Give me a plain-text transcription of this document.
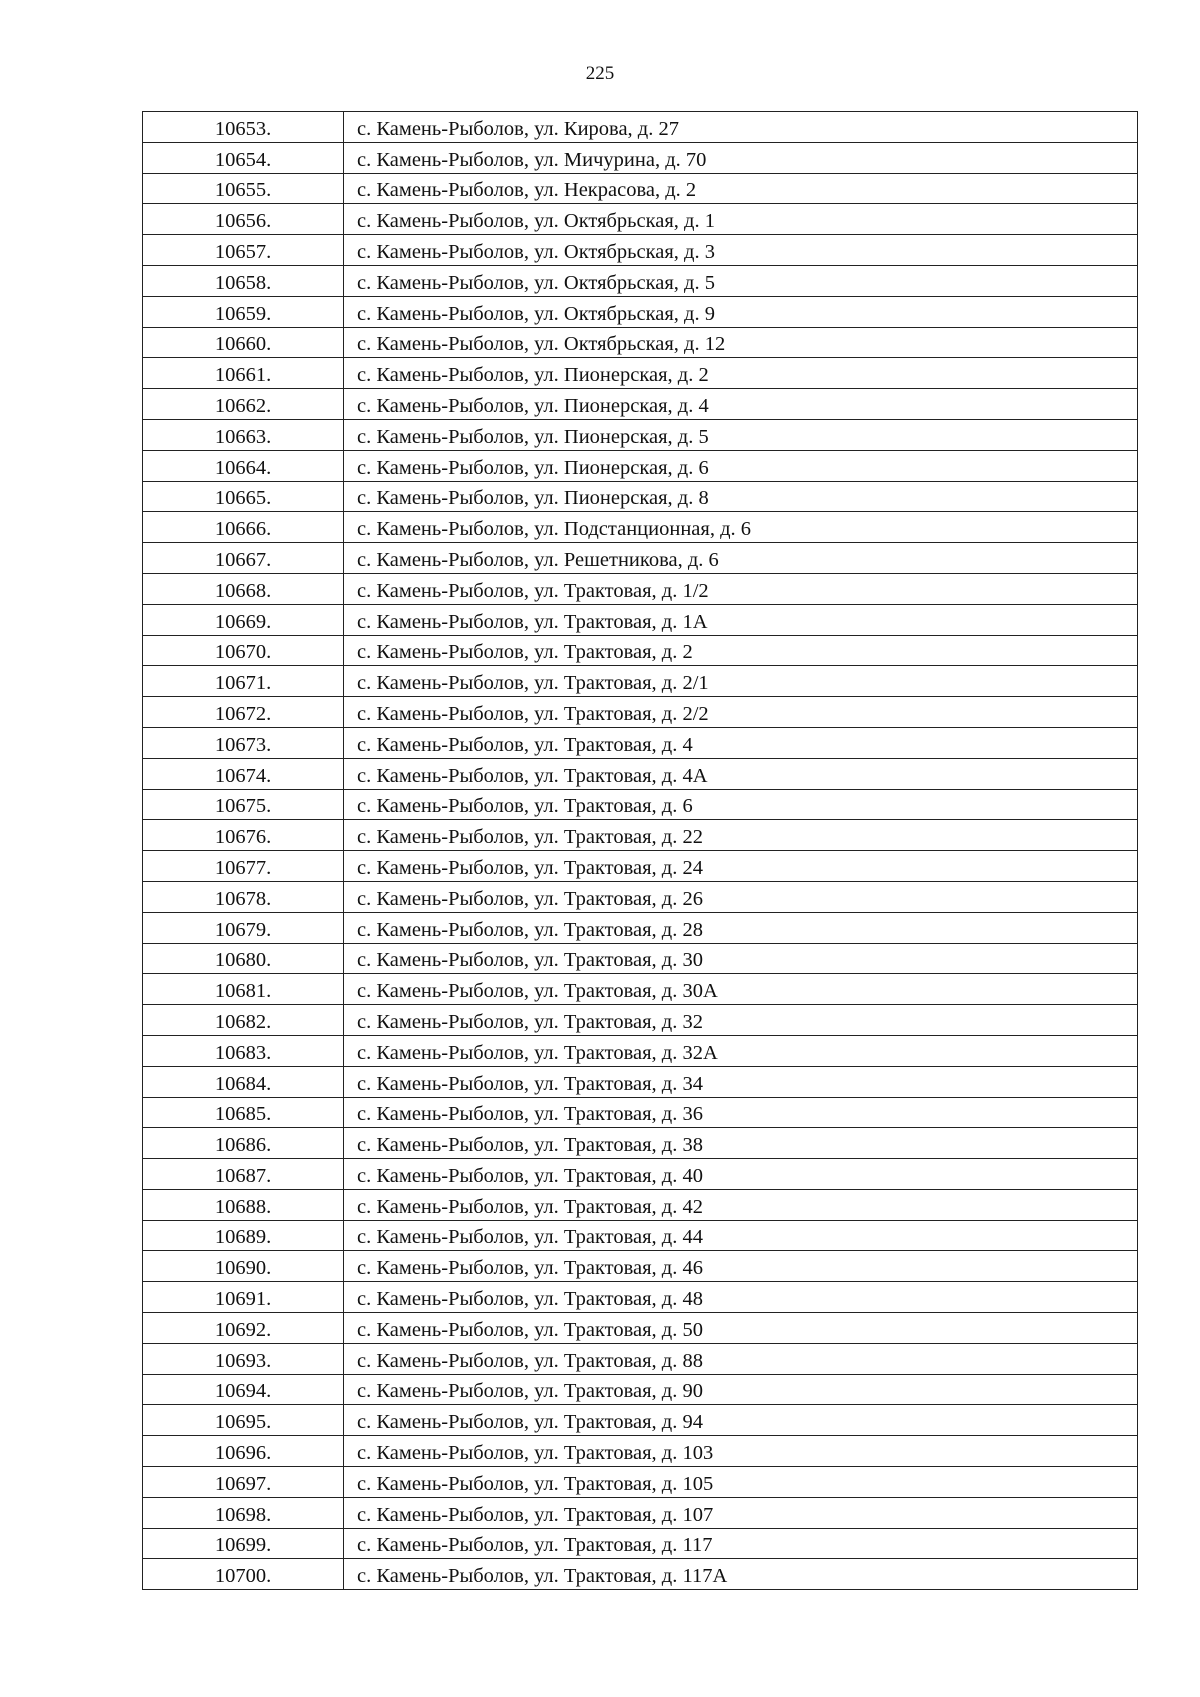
225
10653.	с. Камень-Рыболов, ул. Кирова, д. 27
10654.	с. Камень-Рыболов, ул. Мичурина, д. 70
10655.	с. Камень-Рыболов, ул. Некрасова, д. 2
10656.	с. Камень-Рыболов, ул. Октябрьская, д. 1
10657.	с. Камень-Рыболов, ул. Октябрьская, д. 3
10658.	с. Камень-Рыболов, ул. Октябрьская, д. 5
10659.	с. Камень-Рыболов, ул. Октябрьская, д. 9
10660.	с. Камень-Рыболов, ул. Октябрьская, д. 12
10661.	с. Камень-Рыболов, ул. Пионерская, д. 2
10662.	с. Камень-Рыболов, ул. Пионерская, д. 4
10663.	с. Камень-Рыболов, ул. Пионерская, д. 5
10664.	с. Камень-Рыболов, ул. Пионерская, д. 6
10665.	с. Камень-Рыболов, ул. Пионерская, д. 8
10666.	с. Камень-Рыболов, ул. Подстанционная, д. 6
10667.	с. Камень-Рыболов, ул. Решетникова, д. 6
10668.	с. Камень-Рыболов, ул. Трактовая, д. 1/2
10669.	с. Камень-Рыболов, ул. Трактовая, д. 1А
10670.	с. Камень-Рыболов, ул. Трактовая, д. 2
10671.	с. Камень-Рыболов, ул. Трактовая, д. 2/1
10672.	с. Камень-Рыболов, ул. Трактовая, д. 2/2
10673.	с. Камень-Рыболов, ул. Трактовая, д. 4
10674.	с. Камень-Рыболов, ул. Трактовая, д. 4А
10675.	с. Камень-Рыболов, ул. Трактовая, д. 6
10676.	с. Камень-Рыболов, ул. Трактовая, д. 22
10677.	с. Камень-Рыболов, ул. Трактовая, д. 24
10678.	с. Камень-Рыболов, ул. Трактовая, д. 26
10679.	с. Камень-Рыболов, ул. Трактовая, д. 28
10680.	с. Камень-Рыболов, ул. Трактовая, д. 30
10681.	с. Камень-Рыболов, ул. Трактовая, д. 30А
10682.	с. Камень-Рыболов, ул. Трактовая, д. 32
10683.	с. Камень-Рыболов, ул. Трактовая, д. 32А
10684.	с. Камень-Рыболов, ул. Трактовая, д. 34
10685.	с. Камень-Рыболов, ул. Трактовая, д. 36
10686.	с. Камень-Рыболов, ул. Трактовая, д. 38
10687.	с. Камень-Рыболов, ул. Трактовая, д. 40
10688.	с. Камень-Рыболов, ул. Трактовая, д. 42
10689.	с. Камень-Рыболов, ул. Трактовая, д. 44
10690.	с. Камень-Рыболов, ул. Трактовая, д. 46
10691.	с. Камень-Рыболов, ул. Трактовая, д. 48
10692.	с. Камень-Рыболов, ул. Трактовая, д. 50
10693.	с. Камень-Рыболов, ул. Трактовая, д. 88
10694.	с. Камень-Рыболов, ул. Трактовая, д. 90
10695.	с. Камень-Рыболов, ул. Трактовая, д. 94
10696.	с. Камень-Рыболов, ул. Трактовая, д. 103
10697.	с. Камень-Рыболов, ул. Трактовая, д. 105
10698.	с. Камень-Рыболов, ул. Трактовая, д. 107
10699.	с. Камень-Рыболов, ул. Трактовая, д. 117
10700.	с. Камень-Рыболов, ул. Трактовая, д. 117А
